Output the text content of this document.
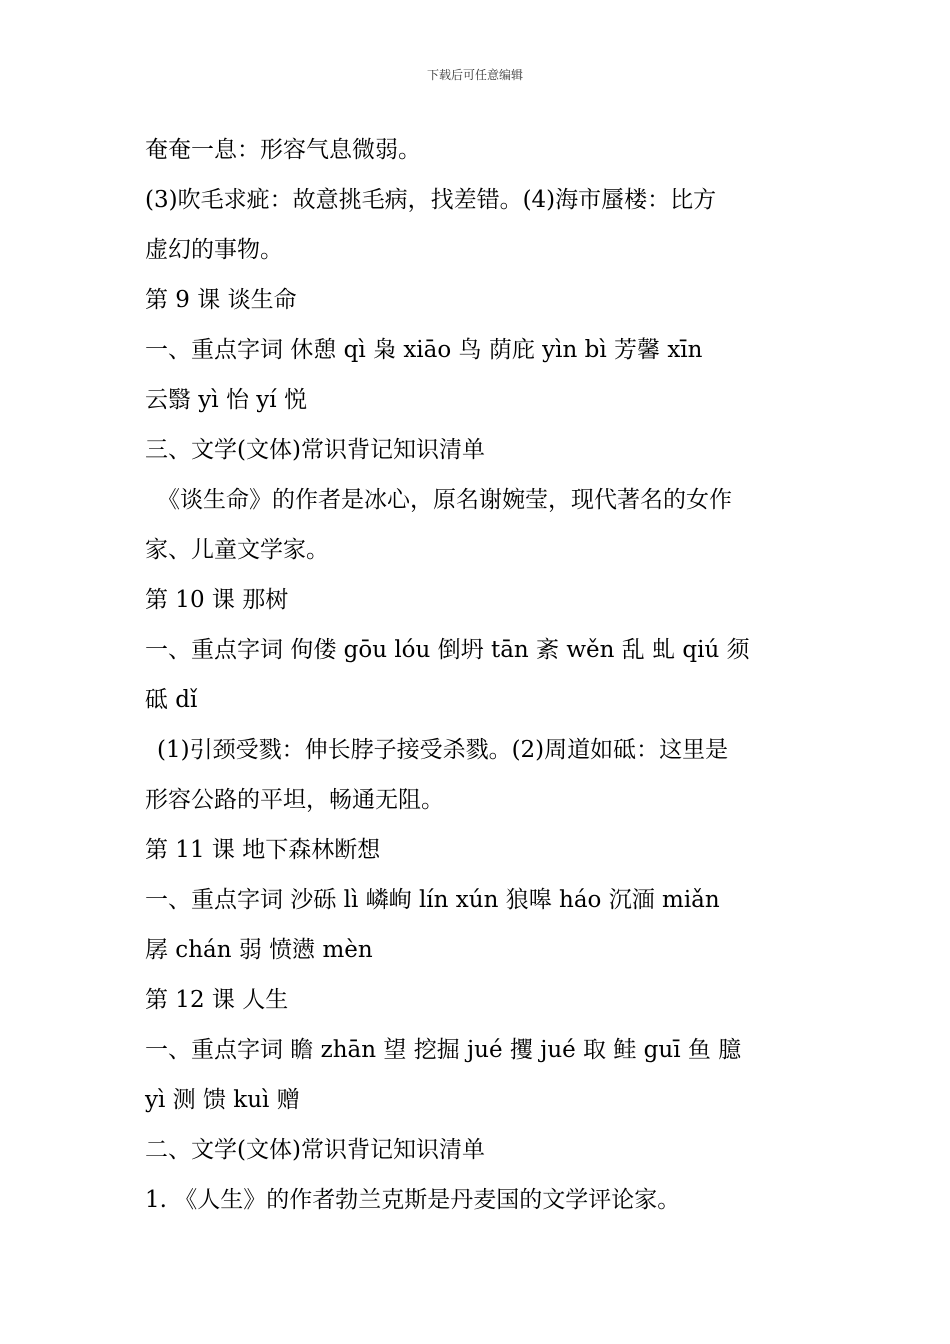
下载后可任意编辑
奄奄一息：形容气息微弱。
(3)吹毛求疵：故意挑毛病，找差错。(4)海市蜃楼：比方
虚幻的事物。
第 9 课 谈生命
一、重点字词 休憩 qì 枭 xiāo 鸟 荫庇 yìn bì 芳馨 xīn
云翳 yì 怡 yí 悦
三、文学(文体)常识背记知识清单
《谈生命》的作者是冰心，原名谢婉莹，现代著名的女作
家、儿童文学家。
第 10 课 那树
一、重点字词 佝偻 gōu lóu 倒坍 tān 紊 wěn 乱 虬 qiú 须
砥 dǐ
(1)引颈受戮：伸长脖子接受杀戮。(2)周道如砥：这里是
形容公路的平坦，畅通无阻。
第 11 课 地下森林断想
一、重点字词 沙砾 lì 嶙峋 lín xún 狼嗥 háo 沉湎 miǎn
孱 chán 弱 愤懑 mèn
第 12 课 人生
一、重点字词 瞻 zhān 望 挖掘 jué 攫 jué 取 鲑 guī 鱼 臆
yì 测 馈 kuì 赠
二、文学(文体)常识背记知识清单
1. 《人生》的作者勃兰克斯是丹麦国的文学评论家。
